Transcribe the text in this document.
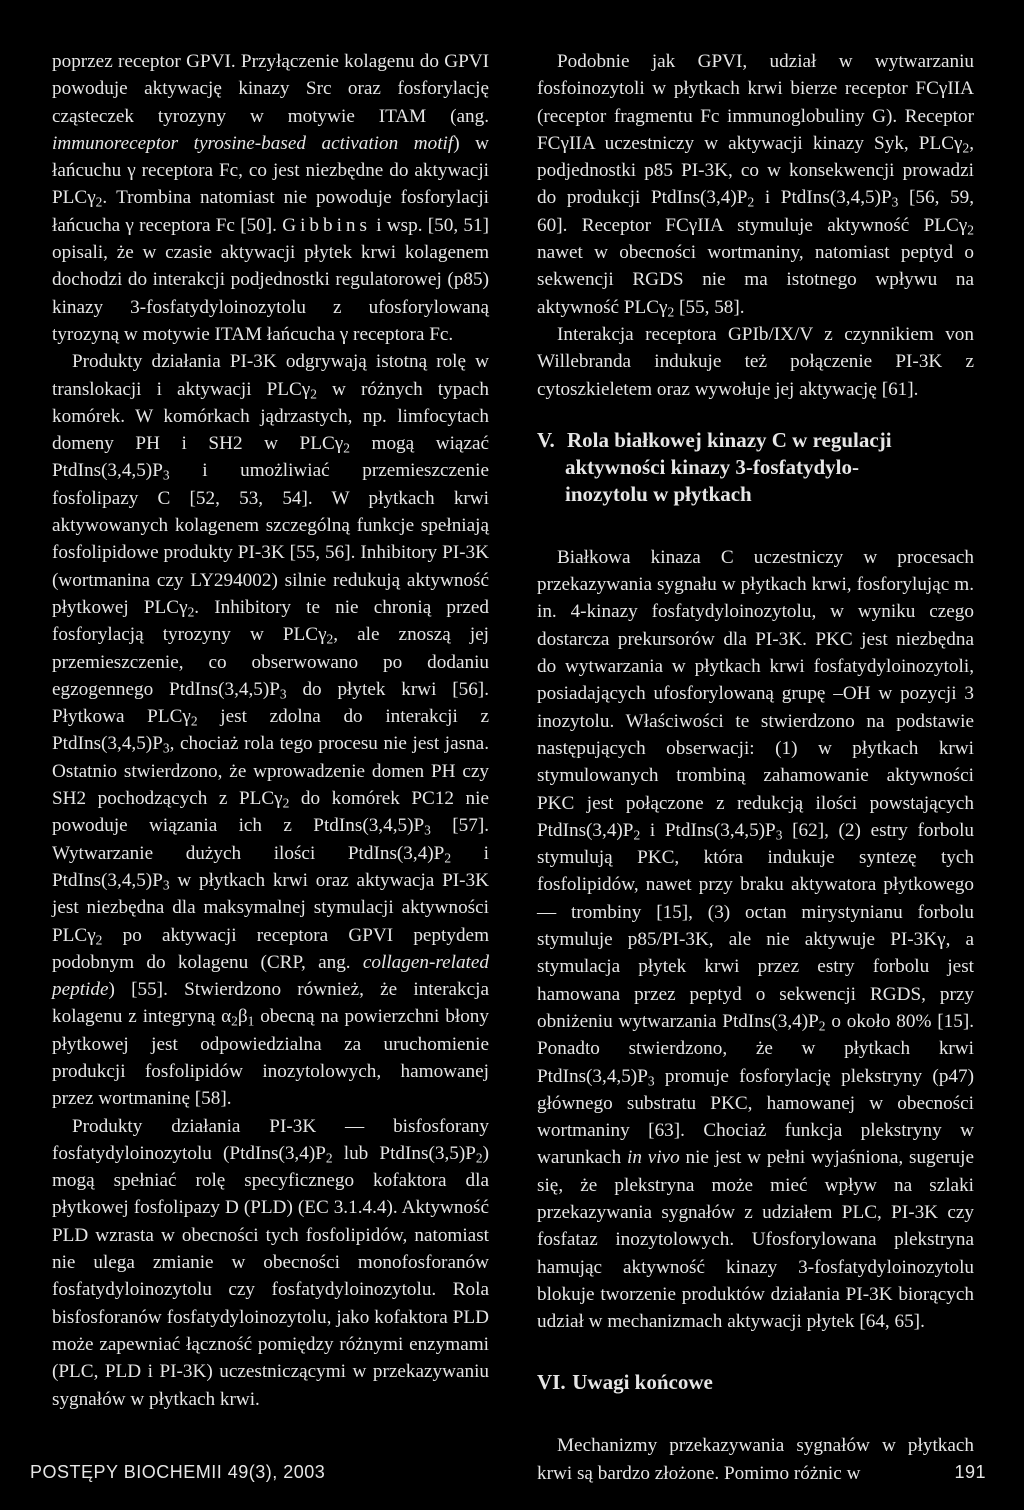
poprzez receptor GPVI. Przyłączenie kolagenu do GPVI powoduje aktywację kinazy Src oraz fosforylację cząsteczek tyrozyny w motywie ITAM (ang. immunoreceptor tyrosine-based activation motif) w łańcuchu γ receptora Fc, co jest niezbędne do aktywacji PLCγ$_2$. Trombina natomiast nie powoduje fosforylacji łańcucha γ receptora Fc [50]. Gibbins i wsp. [50, 51] opisali, że w czasie aktywacji płytek krwi kolagenem dochodzi do interakcji podjednostki regulatorowej (p85) kinazy 3-fosfatydyloinozytolu z ufosforylowaną tyrozyną w motywie ITAM łańcucha γ receptora Fc.

Produkty działania PI-3K odgrywają istotną rolę w translokacji i aktywacji PLCγ$_2$ w różnych typach komórek. W komórkach jądrzastych, np. limfocytach domeny PH i SH2 w PLCγ$_2$ mogą wiązać $PtdIns(3,4,5)P_3$ i umożliwiać przemieszczenie fosfolipazy C [52, 53, 54]. W płytkach krwi aktywowanych kolagenem szczególną funkcje spełniają fosfolipidowe produkty PI-3K [55, 56]. Inhibitory PI-3K (wortmanina czy LY294002) silnie redukują aktywność płytkowej PLCγ$_2$. Inhibitory te nie chronią przed fosforylacją tyrozyny w PLCγ$_2$, ale znoszą jej przemieszczenie, co obserwowano po dodaniu egzogennego $PtdIns(3,4,5)P_3$ do płytek krwi [56]. Płytkowa PLCγ$_2$ jest zdolna do interakcji z $PtdIns(3,4,5)P_3$, chociaż rola tego procesu nie jest jasna. Ostatnio stwierdzono, że wprowadzenie domen PH czy SH2 pochodzących z PLCγ$_2$ do komórek PC12 nie powoduje wiązania ich z $PtdIns(3,4,5)P_3$ [57]. Wytwarzanie dużych ilości $PtdIns(3,4)P_2$ i $PtdIns(3,4,5)P_3$ w płytkach krwi oraz aktywacja PI-3K jest niezbędna dla maksymalnej stymulacji aktywności PLCγ$_2$ po aktywacji receptora GPVI peptydem podobnym do kolagenu (CRP, ang. collagen-related peptide) [55]. Stwierdzono również, że interakcja kolagenu z integryną $\alpha_2\beta_1$ obecną na powierzchni błony płytkowej jest odpowiedzialna za uruchomienie produkcji fosfolipidów inozytolowych, hamowanej przez wortmaninę [58].

Produkty działania PI-3K — bisfosforany fosfatydyloinozytolu ($PtdIns(3,4)P_2$ lub $PtdIns(3,5)P_2$) mogą spełniać rolę specyficznego kofaktora dla płytkowej fosfolipazy D (PLD) (EC 3.1.4.4). Aktywność PLD wzrasta w obecności tych fosfolipidów, natomiast nie ulega zmianie w obecności monofosforanów fosfatydyloinozytolu czy fosfatydyloinozytolu. Rola bisfosforanów fosfatydyloinozytolu, jako kofaktora PLD może zapewniać łączność pomiędzy różnymi enzymami (PLC, PLD i PI-3K) uczestniczącymi w przekazywaniu sygnałów w płytkach krwi.

Podobnie jak GPVI, udział w wytwarzaniu fosfoinozytoli w płytkach krwi bierze receptor FCγIIA (receptor fragmentu Fc immunoglobuliny G). Receptor FCγIIA uczestniczy w aktywacji kinazy Syk, PLCγ$_2$, podjednostki p85 PI-3K, co w konsekwencji prowadzi do produkcji $PtdIns(3,4)P_2$ i $PtdIns(3,4,5)P_3$ [56, 59, 60]. Receptor FCγIIA stymuluje aktywność PLCγ$_2$ nawet w obecności wortmaniny, natomiast peptyd o sekwencji RGDS nie ma istotnego wpływu na aktywność PLCγ$_2$ [55, 58].

Interakcja receptora GPIb/IX/V z czynnikiem von Willebranda indukuje też połączenie PI-3K z cytoszkieletem oraz wywołuje jej aktywację [61].

V. Rola białkowej kinazy C w regulacji
aktywności kinazy 3-fosfatydylo-
inozytolu w płytkach

Białkowa kinaza C uczestniczy w procesach przekazywania sygnału w płytkach krwi, fosforylując m. in. 4-kinazy fosfatydyloinozytolu, w wyniku czego dostarcza prekursorów dla PI-3K. PKC jest niezbędna do wytwarzania w płytkach krwi fosfatydyloinozytoli, posiadających ufosforylowaną grupę –OH w pozycji 3 inozytolu. Właściwości te stwierdzono na podstawie następujących obserwacji: (1) w płytkach krwi stymulowanych trombiną zahamowanie aktywności PKC jest połączone z redukcją ilości powstających $PtdIns(3,4)P_2$ i $PtdIns(3,4,5)P_3$ [62], (2) estry forbolu stymulują PKC, która indukuje syntezę tych fosfolipidów, nawet przy braku aktywatora płytkowego — trombiny [15], (3) octan mirystynianu forbolu stymuluje p85/PI-3K, ale nie aktywuje PI-3Kγ, a stymulacja płytek krwi przez estry forbolu jest hamowana przez peptyd o sekwencji RGDS, przy obniżeniu wytwarzania $PtdIns(3,4)P_2$ o około 80% [15]. Ponadto stwierdzono, że w płytkach krwi $PtdIns(3,4,5)P_3$ promuje fosforylację plekstryny (p47) głównego substratu PKC, hamowanej w obecności wortmaniny [63]. Chociaż funkcja plekstryny w warunkach in vivo nie jest w pełni wyjaśniona, sugeruje się, że plekstryna może mieć wpływ na szlaki przekazywania sygnałów z udziałem PLC, PI-3K czy fosfataz inozytolowych. Ufosforylowana plekstryna hamując aktywność kinazy 3-fosfatydyloinozytolu blokuje tworzenie produktów działania PI-3K biorących udział w mechanizmach aktywacji płytek [64, 65].

VI. Uwagi końcowe

Mechanizmy przekazywania sygnałów w płytkach krwi są bardzo złożone. Pomimo różnic w

POSTĘPY BIOCHEMII 49(3), 2003	191
